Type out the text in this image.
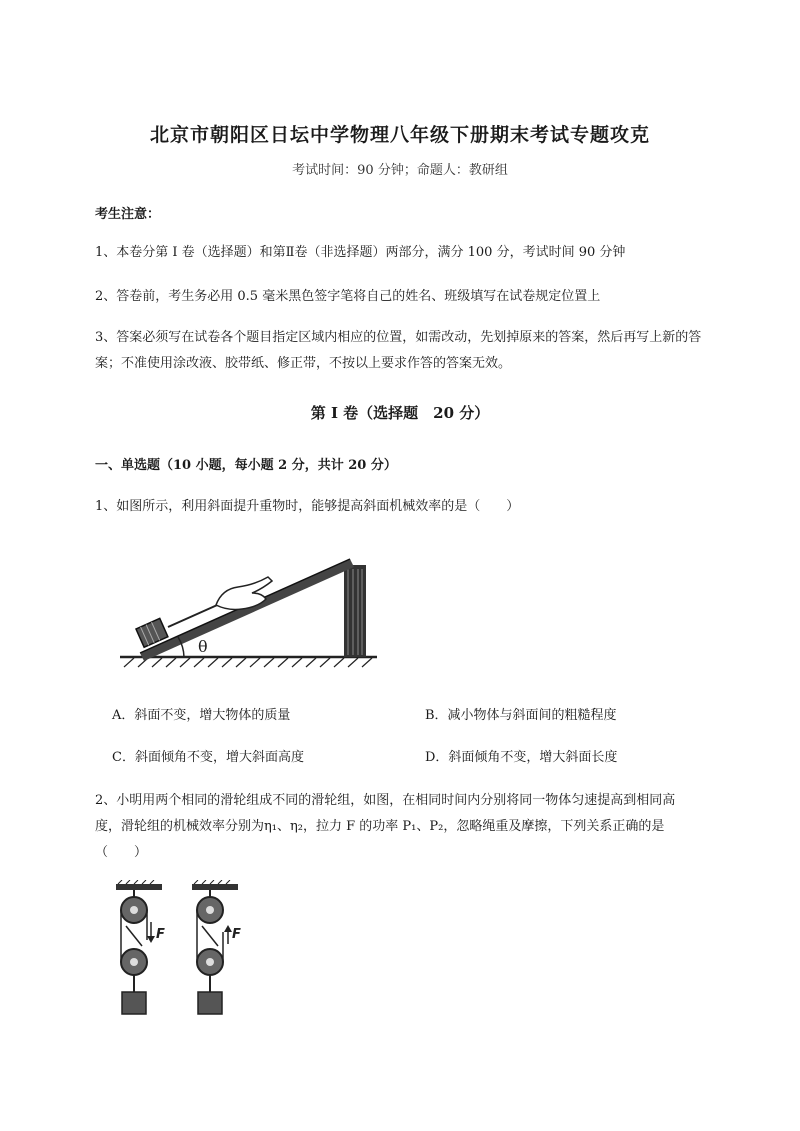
北京市朝阳区日坛中学物理八年级下册期末考试专题攻克
考试时间：90 分钟；命题人：教研组
考生注意：
1、本卷分第 I 卷（选择题）和第Ⅱ卷（非选择题）两部分，满分 100 分，考试时间 90 分钟
2、答卷前，考生务必用 0.5 毫米黑色签字笔将自己的姓名、班级填写在试卷规定位置上
3、答案必须写在试卷各个题目指定区域内相应的位置，如需改动，先划掉原来的答案，然后再写上新的答案；不准使用涂改液、胶带纸、修正带，不按以上要求作答的答案无效。
第 I 卷（选择题　20 分）
一、单选题（10 小题，每小题 2 分，共计 20 分）
1、如图所示，利用斜面提升重物时，能够提高斜面机械效率的是（　　）
θ
A．斜面不变，增大物体的质量	B．减小物体与斜面间的粗糙程度
C．斜面倾角不变，增大斜面高度	D．斜面倾角不变，增大斜面长度
2、小明用两个相同的滑轮组成不同的滑轮组，如图，在相同时间内分别将同一物体匀速提高到相同高
度，滑轮组的机械效率分别为η₁、η₂，拉力 F 的功率 P₁、P₂，忽略绳重及摩擦，下列关系正确的是
（　　）
F	F
